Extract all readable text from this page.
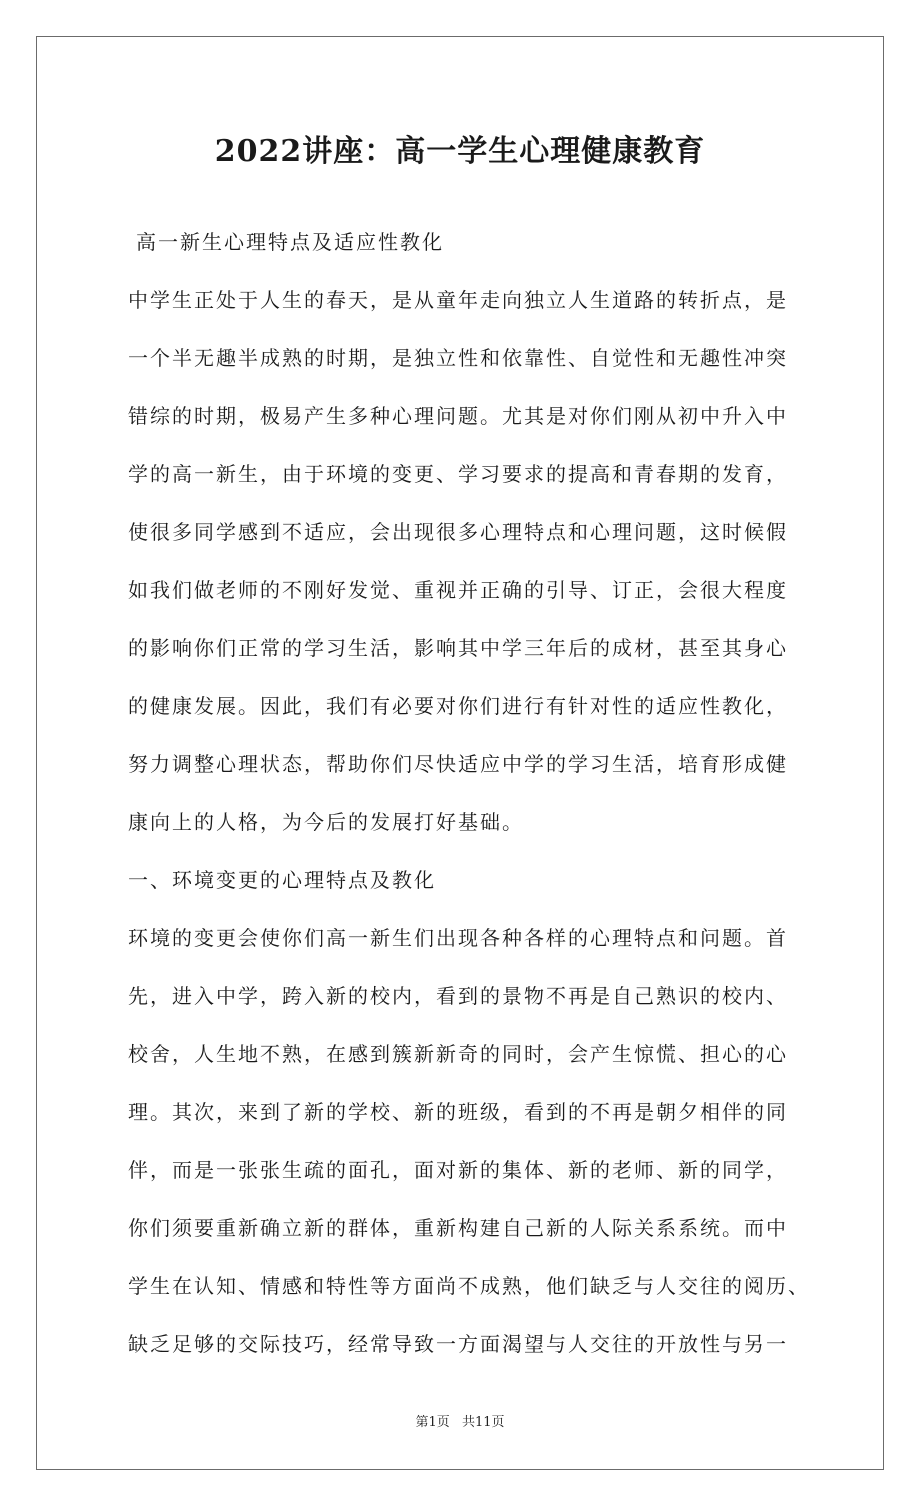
2022讲座：高一学生心理健康教育
高一新生心理特点及适应性教化
中学生正处于人生的春天，是从童年走向独立人生道路的转折点，是
一个半无趣半成熟的时期，是独立性和依靠性、自觉性和无趣性冲突
错综的时期，极易产生多种心理问题。尤其是对你们刚从初中升入中
学的高一新生，由于环境的变更、学习要求的提高和青春期的发育，
使很多同学感到不适应，会出现很多心理特点和心理问题，这时候假
如我们做老师的不刚好发觉、重视并正确的引导、订正，会很大程度
的影响你们正常的学习生活，影响其中学三年后的成材，甚至其身心
的健康发展。因此，我们有必要对你们进行有针对性的适应性教化，
努力调整心理状态，帮助你们尽快适应中学的学习生活，培育形成健
康向上的人格，为今后的发展打好基础。
一、环境变更的心理特点及教化
环境的变更会使你们高一新生们出现各种各样的心理特点和问题。首
先，进入中学，跨入新的校内，看到的景物不再是自己熟识的校内、
校舍，人生地不熟，在感到簇新新奇的同时，会产生惊慌、担心的心
理。其次，来到了新的学校、新的班级，看到的不再是朝夕相伴的同
伴，而是一张张生疏的面孔，面对新的集体、新的老师、新的同学，
你们须要重新确立新的群体，重新构建自己新的人际关系系统。而中
学生在认知、情感和特性等方面尚不成熟，他们缺乏与人交往的阅历、
缺乏足够的交际技巧，经常导致一方面渴望与人交往的开放性与另一
第1页 共11页
